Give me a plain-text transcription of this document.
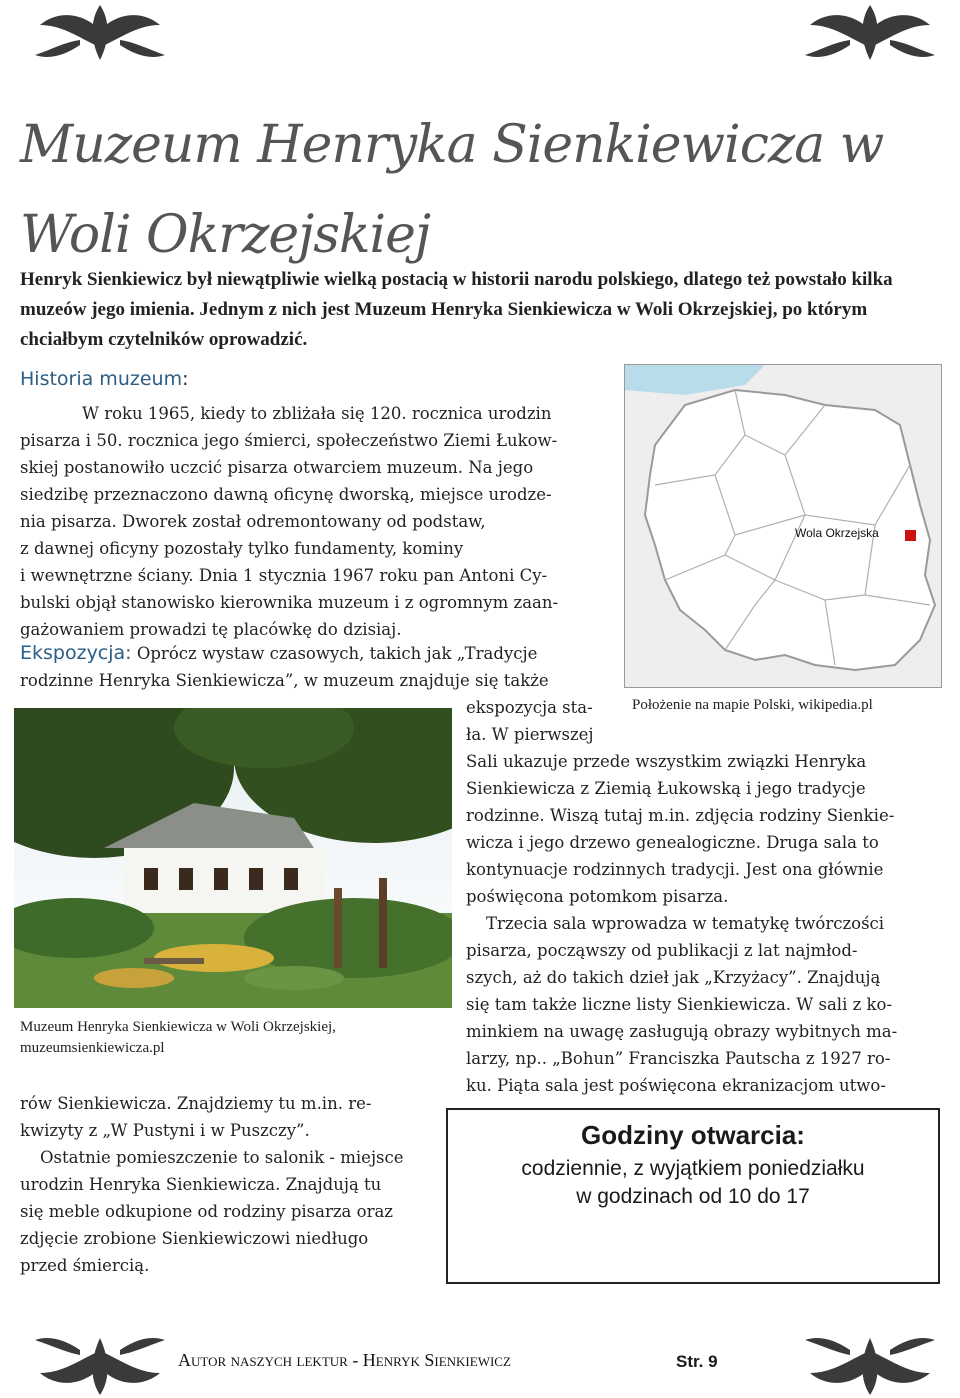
Muzeum Henryka Sienkiewicza w Woli Okrzejskiej
Henryk Sienkiewicz był niewątpliwie wielką postacią w historii narodu polskiego, dlatego też powstało kilka muzeów jego imienia. Jednym z nich jest Muzeum Henryka Sienkiewicza w Woli Okrzejskiej, po którym chciałbym czytelników oprowadzić.
Historia muzeum:
W roku 1965, kiedy to zbliżała się 120. rocznica urodzin
pisarza i 50. rocznica jego śmierci, społeczeństwo Ziemi Łukow-
skiej postanowiło uczcić pisarza otwarciem muzeum. Na jego
siedzibę przeznaczono dawną oficynę dworską, miejsce urodze-
nia pisarza. Dworek został odremontowany od podstaw,
z dawnej oficyny pozostały tylko fundamenty, kominy
i wewnętrzne ściany. Dnia 1 stycznia 1967 roku pan Antoni Cy-
bulski objął stanowisko kierownika muzeum i z ogromnym zaan-
gażowaniem prowadzi tę placówkę do dzisiaj.
Wola Okrzejska
Położenie na mapie Polski, wikipedia.pl
Ekspozycja: Oprócz wystaw czasowych, takich jak „Tradycje
rodzinne Henryka Sienkiewicza”, w muzeum znajduje się także
Muzeum Henryka Sienkiewicza w Woli Okrzejskiej,
muzeumsienkiewicza.pl
ekspozycja sta-
ła. W pierwszej
Sali ukazuje przede wszystkim związki Henryka
Sienkiewicza z Ziemią Łukowską i jego tradycje
rodzinne. Wiszą tutaj m.in. zdjęcia rodziny Sienkie-
wicza i jego drzewo genealogiczne. Druga sala to
kontynuacje rodzinnych tradycji. Jest ona głównie
poświęcona potomkom pisarza.
Trzecia sala wprowadza w tematykę twórczości
pisarza, począwszy od publikacji z lat najmłod-
szych, aż do takich dzieł jak „Krzyżacy”. Znajdują
się tam także liczne listy Sienkiewicza. W sali z ko-
minkiem na uwagę zasługują obrazy wybitnych ma-
larzy, np.. „Bohun” Franciszka Pautscha z 1927 ro-
ku. Piąta sala jest poświęcona ekranizacjom utwo-
rów Sienkiewicza. Znajdziemy tu m.in. re-
kwizyty z „W Pustyni i w Puszczy”.
Ostatnie pomieszczenie to salonik - miejsce
urodzin Henryka Sienkiewicza. Znajdują tu
się meble odkupione od rodziny pisarza oraz
zdjęcie zrobione Sienkiewiczowi niedługo
przed śmiercią.
Godziny otwarcia:
codziennie, z wyjątkiem poniedziałku
w godzinach od 10 do 17
Autor naszych lektur - Henryk Sienkiewicz	Str. 9
